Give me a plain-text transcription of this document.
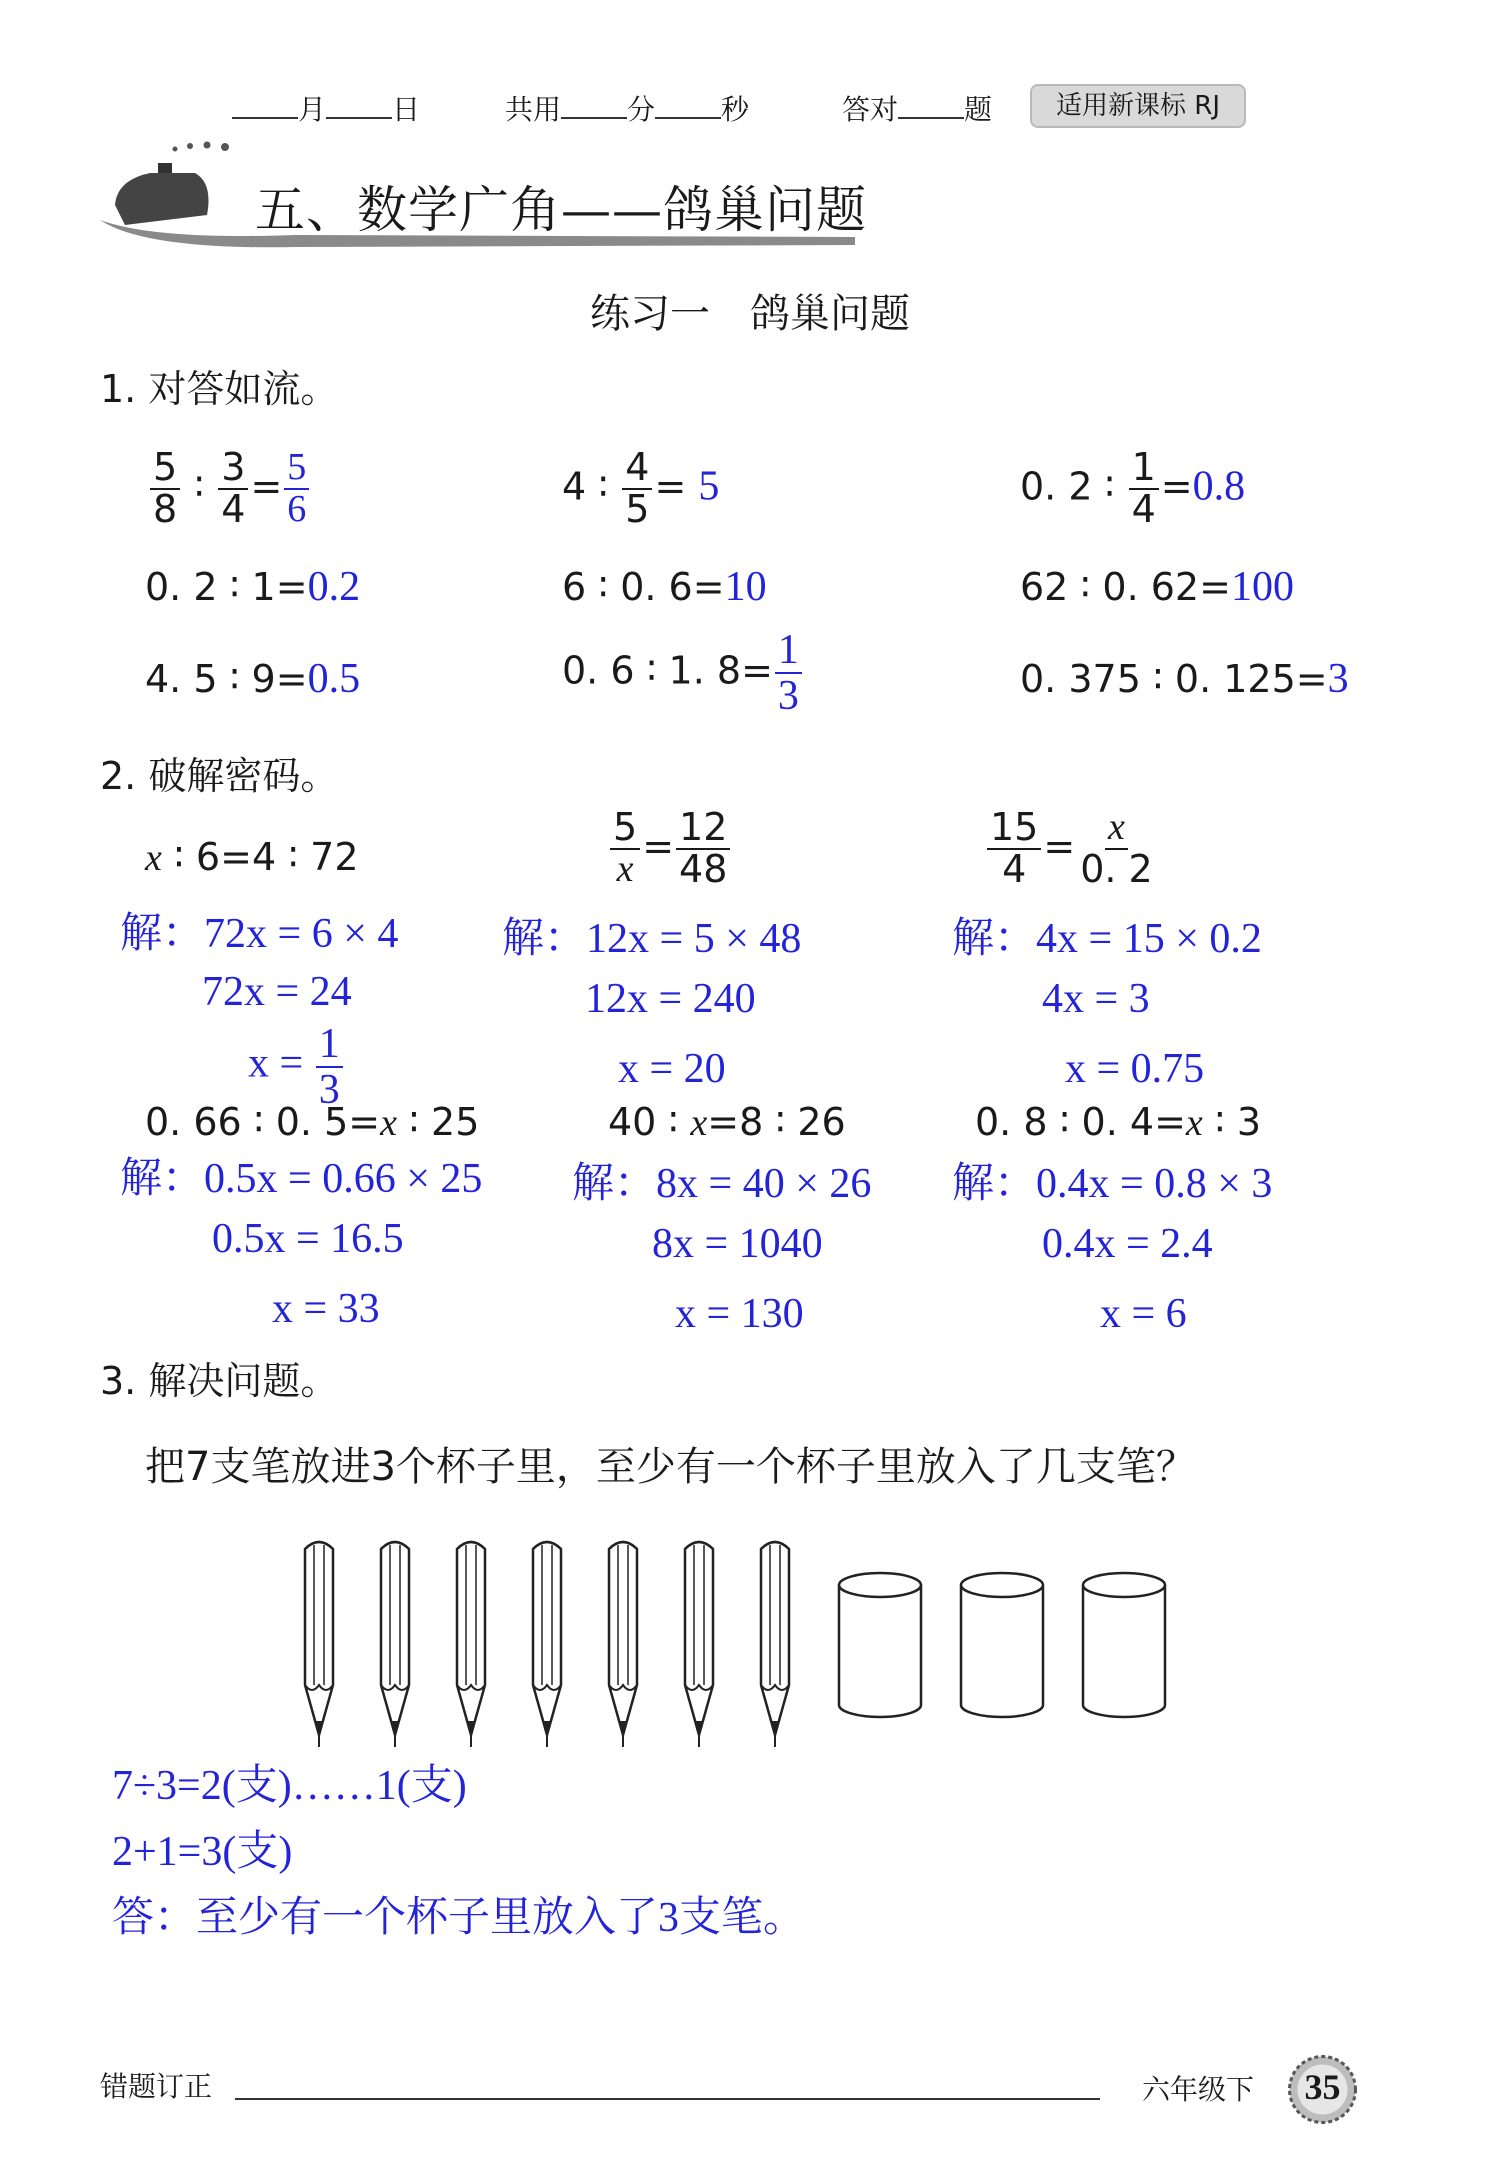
月 日	共用 分 秒	答对 题	适用新课标 RJ
五、数学广角——鸽巢问题
练习一　鸽巢问题
1. 对答如流。
$\frac{5}{8}$ ∶ $\frac{3}{4} = \frac{5}{6}$	4 ∶ $\frac{4}{5} = 5$	0. 2 ∶ $\frac{1}{4} =0.8$
0. 2 ∶ 1=0.2	6 ∶ 0. 6=10	62 ∶ 0. 62=100
4. 5 ∶ 9=0.5	0. 6 ∶ 1. $8= \frac{1}{3}$	0. 375 ∶ 0. 125=3
2. 破解密码。
x ∶ 6=4 ∶ 72
解：72x = 6 × 4
72x = 24
$x = \frac{1}{3}$
$\frac{5}{x} = \frac{12}{48}$
解：12x = 5 × 48
12x = 240
x = 20
$\frac{15}{4} = \frac{x}{0. 2}$
解：4x = 15 × 0.2
4x = 3
x = 0.75
0. 66 ∶ 0. 5=x ∶ 25
解：0.5x = 0.66 × 25
0.5x = 16.5
x = 33
40 ∶ x=8 ∶ 26
解：8x = 40 × 26
8x = 1040
x = 130
0. 8 ∶ 0. 4=x ∶ 3
解：0.4x = 0.8 × 3
0.4x = 2.4
x = 6
3. 解决问题。
把7支笔放进3个杯子里，至少有一个杯子里放入了几支笔？
7÷3=2(支)……1(支)
2+1=3(支)
答：至少有一个杯子里放入了3支笔。
错题订正	六年级下	35
